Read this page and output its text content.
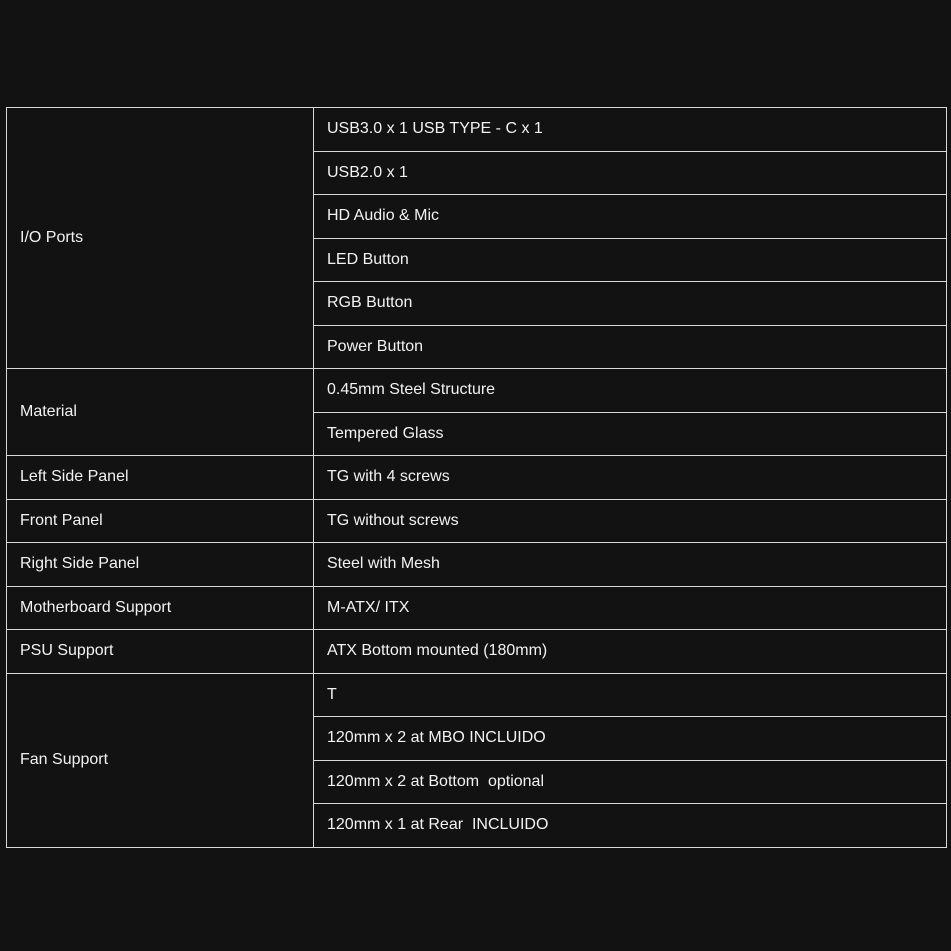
I/O Ports	USB3.0 x 1 USB TYPE - C x 1
	USB2.0 x 1
	HD Audio & Mic
	LED Button
	RGB Button
	Power Button
Material	0.45mm Steel Structure
	Tempered Glass
Left Side Panel	TG with 4 screws
Front Panel	TG without screws
Right Side Panel	Steel with Mesh
Motherboard Support	M-ATX/ ITX
PSU Support	ATX Bottom mounted (180mm)
Fan Support	T
	120mm x 2 at MBO INCLUIDO
	120mm x 2 at Bottom  optional
	120mm x 1 at Rear  INCLUIDO
